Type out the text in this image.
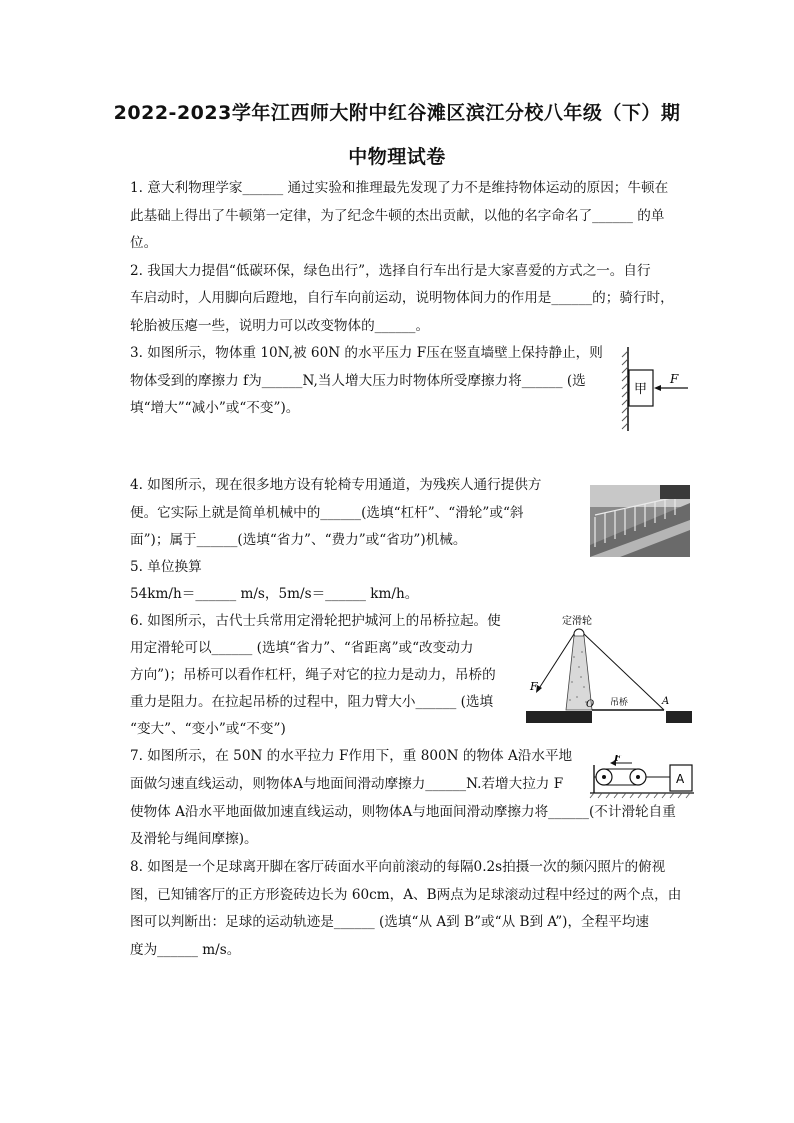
2022-2023学年江西师大附中红谷滩区滨江分校八年级（下）期
中物理试卷
1. 意大利物理学家______ 通过实验和推理最先发现了力不是维持物体运动的原因；牛顿在
此基础上得出了牛顿第一定律，为了纪念牛顿的杰出贡献，以他的名字命名了______ 的单
位。
2. 我国大力提倡“低碳环保，绿色出行”，选择自行车出行是大家喜爱的方式之一。自行
车启动时，人用脚向后蹬地，自行车向前运动，说明物体间力的作用是______的；骑行时，
轮胎被压瘪一些，说明力可以改变物体的______。
3. 如图所示，物体重 10N,被 60N 的水平压力 F压在竖直墙壁上保持静止，则
物体受到的摩擦力 f为______N,当人增大压力时物体所受摩擦力将______ (选
填“增大”“减小”或“不变”)。
甲
F
4. 如图所示，现在很多地方设有轮椅专用通道，为残疾人通行提供方
便。它实际上就是简单机械中的______(选填“杠杆”、“滑轮”或“斜
面”)；属于______(选填“省力”、“费力”或“省功”)机械。
5. 单位换算
54km/h＝______ m/s，5m/s＝______ km/h。
6. 如图所示，古代士兵常用定滑轮把护城河上的吊桥拉起。使
用定滑轮可以______ (选填“省力”、“省距离”或“改变动力
方向”)；吊桥可以看作杠杆，绳子对它的拉力是动力，吊桥的
重力是阻力。在拉起吊桥的过程中，阻力臂大小______ (选填
“变大”、“变小”或“不变”)
定滑轮
F
O 吊桥	A
7. 如图所示，在 50N 的水平拉力 F作用下，重 800N 的物体 A沿水平地
面做匀速直线运动，则物体A与地面间滑动摩擦力______N.若增大拉力 F
使物体 A沿水平地面做加速直线运动，则物体A与地面间滑动摩擦力将______(不计滑轮自重
及滑轮与绳间摩擦)。
A
F
8. 如图是一个足球离开脚在客厅砖面水平向前滚动的每隔0.2s拍摄一次的频闪照片的俯视
图，已知铺客厅的正方形瓷砖边长为 60cm，A、B两点为足球滚动过程中经过的两个点，由
图可以判断出：足球的运动轨迹是______ (选填“从 A到 B”或“从 B到 A”)，全程平均速
度为______ m/s。
